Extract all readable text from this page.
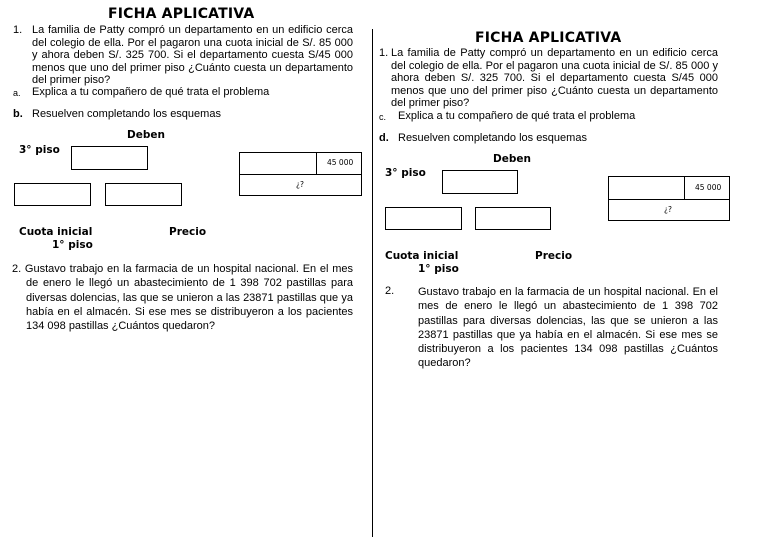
FICHA APLICATIVA
1. La familia de Patty compró un departamento en un edificio cerca del colegio de ella. Por el pagaron una cuota inicial de S/. 85 000 y ahora deben S/. 325 700. Si el departamento cuesta S/45 000 menos que uno del primer piso ¿Cuánto cuesta un departamento del primer piso?
a. Explica a tu compañero de qué trata el problema
b. Resuelven completando los esquemas
Deben
3° piso
45 000
¿?
Cuota inicial	Precio
1° piso
2. Gustavo trabajo en la farmacia de un hospital nacional. En el mes de enero le llegó un abastecimiento de 1 398 702 pastillas para diversas dolencias, las que se unieron a las 23871 pastillas que ya había en el almacén. Si ese mes se distribuyeron a los pacientes 134 098 pastillas ¿Cuántos quedaron?
FICHA APLICATIVA
1. La familia de Patty compró un departamento en un edificio cerca del colegio de ella. Por el pagaron una cuota inicial de S/. 85 000 y ahora deben S/. 325 700. Si el departamento cuesta S/45 000 menos que uno del primer piso ¿Cuánto cuesta un departamento del primer piso?
c. Explica a tu compañero de qué trata el problema
d. Resuelven completando los esquemas
Deben
3° piso
45 000
¿?
Cuota inicial	Precio
1° piso
2. Gustavo trabajo en la farmacia de un hospital nacional. En el mes de enero le llegó un abastecimiento de 1 398 702 pastillas para diversas dolencias, las que se unieron a las 23871 pastillas que ya había en el almacén. Si ese mes se distribuyeron a los pacientes 134 098 pastillas ¿Cuántos quedaron?
